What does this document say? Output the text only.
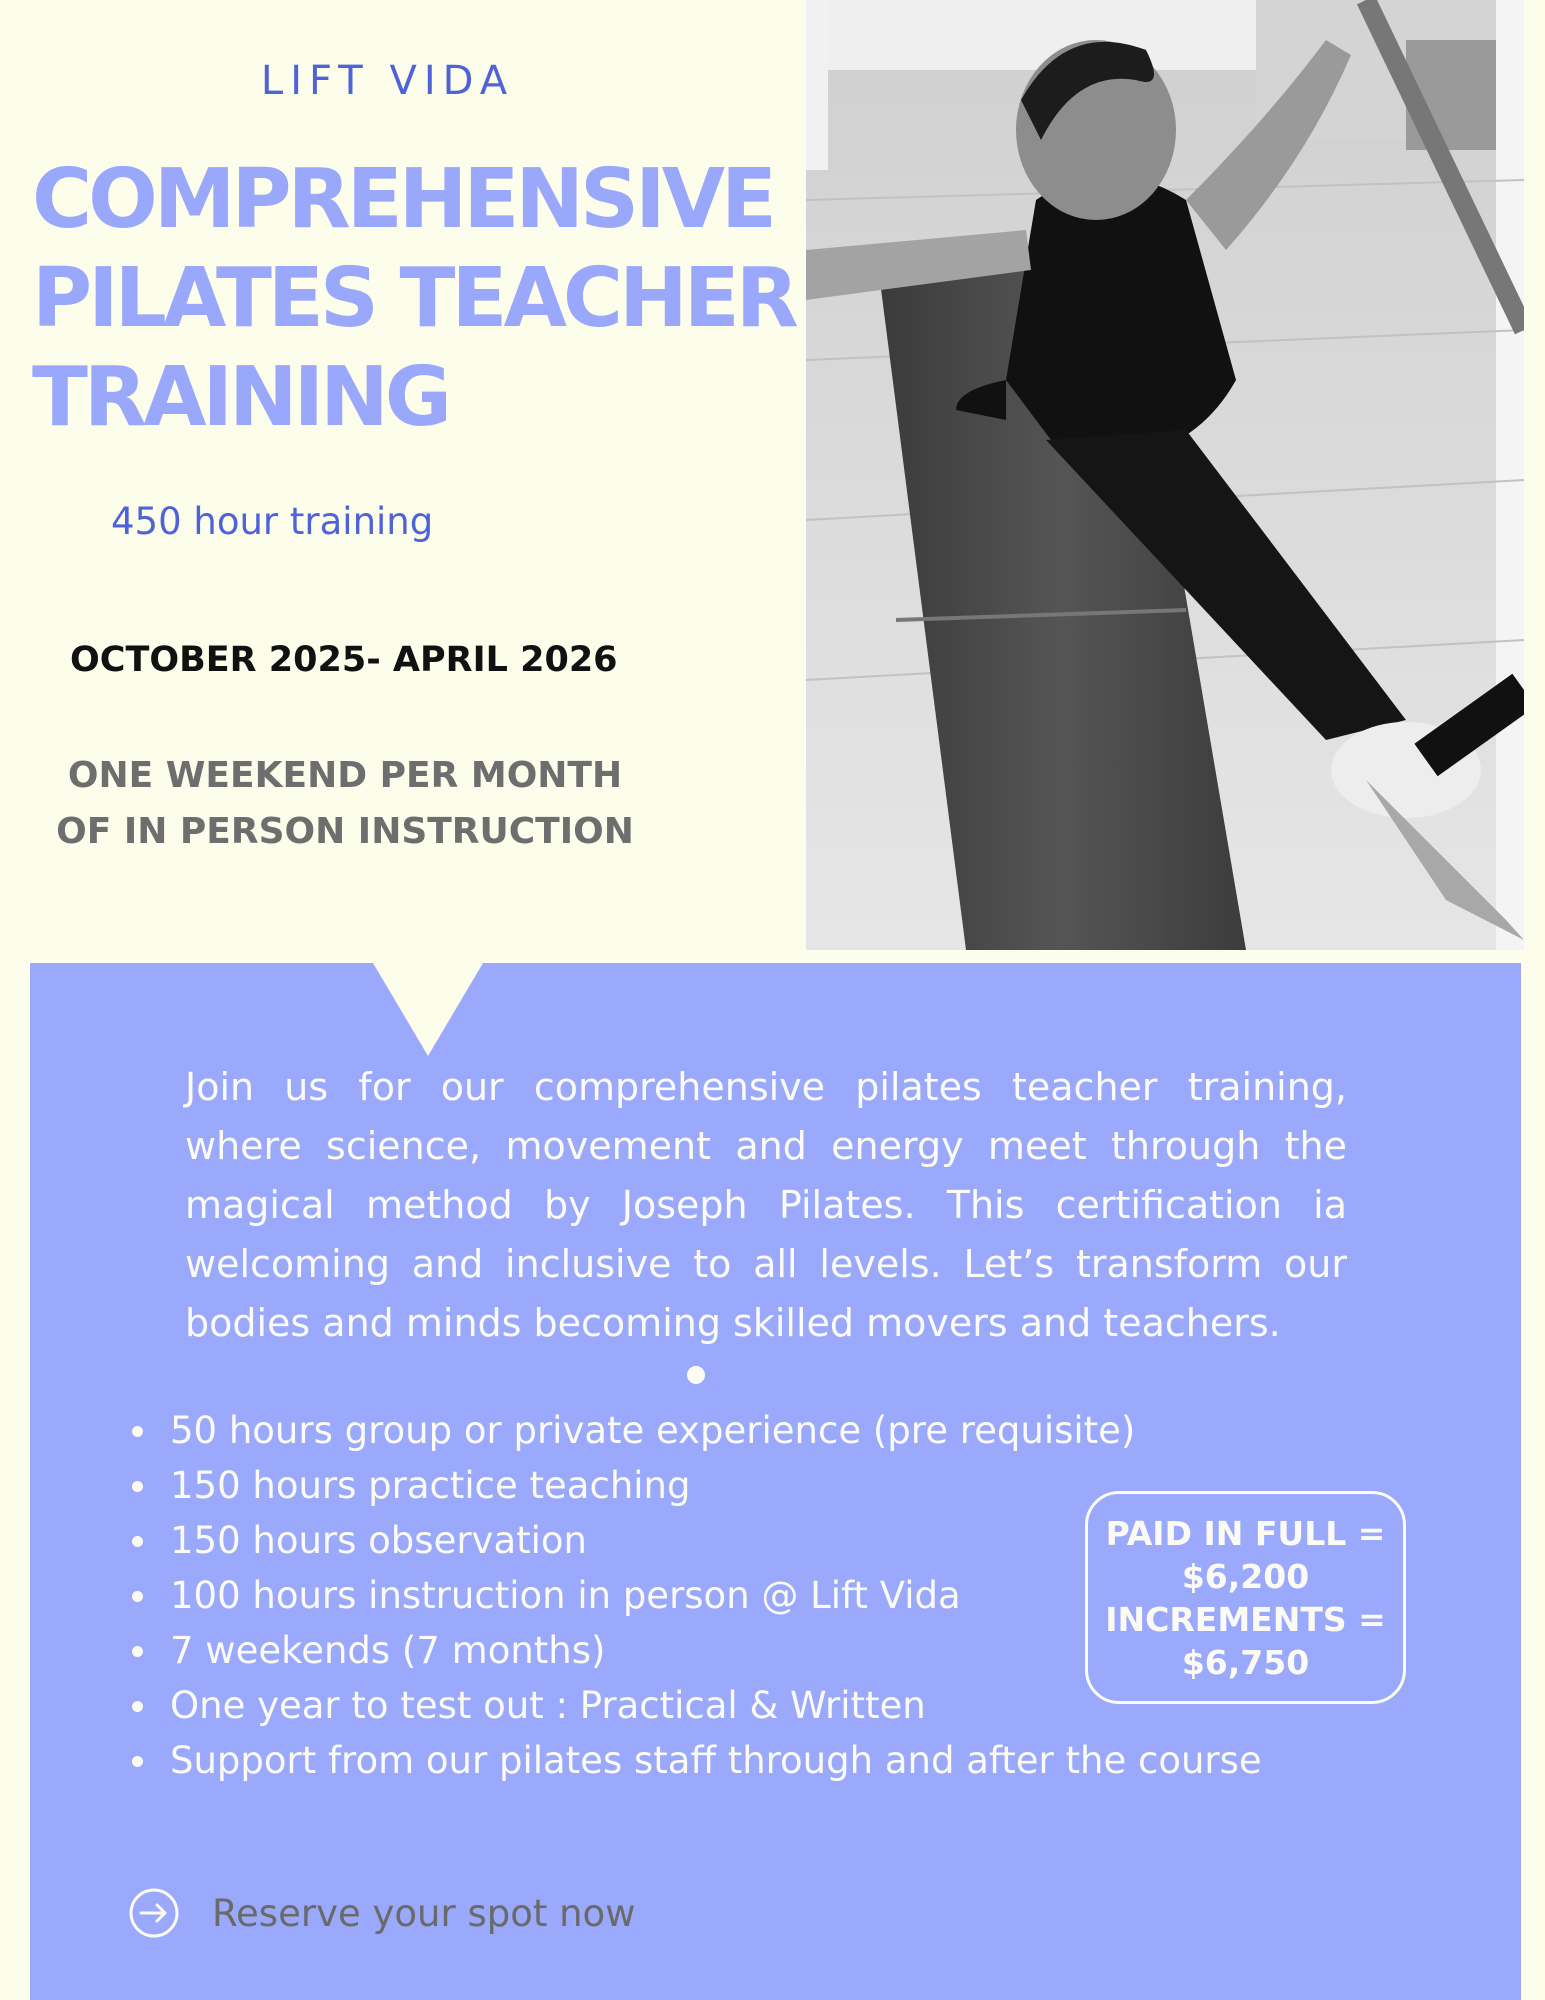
LIFT VIDA
COMPREHENSIVE
PILATES TEACHER
TRAINING
450 hour training
OCTOBER 2025- APRIL 2026
ONE WEEKEND PER MONTH
OF IN PERSON INSTRUCTION

Join us for our comprehensive pilates teacher training, where science, movement and energy meet through the magical method by Joseph Pilates. This certification ia welcoming and inclusive to all levels. Let’s transform our bodies and minds becoming skilled movers and teachers.

50 hours group or private experience (pre requisite)
150 hours practice teaching
150 hours observation
100 hours instruction in person @ Lift Vida
7 weekends (7 months)
One year to test out : Practical & Written
Support from our pilates staff through and after the course
PAID IN FULL =
$6,200
INCREMENTS =
$6,750
Reserve your spot now
